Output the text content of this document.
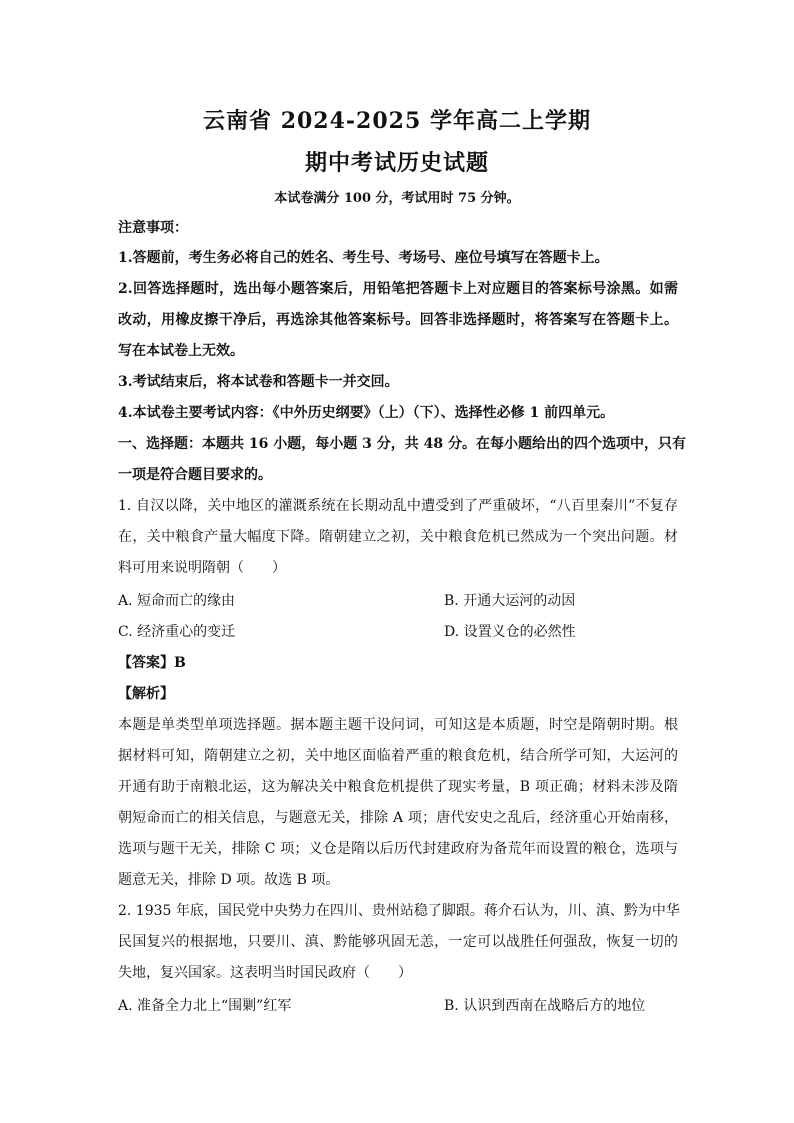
云南省 2024-2025 学年高二上学期
期中考试历史试题
本试卷满分 100 分，考试用时 75 分钟。
注意事项：
1.答题前，考生务必将自己的姓名、考生号、考场号、座位号填写在答题卡上。
2.回答选择题时，选出每小题答案后，用铅笔把答题卡上对应题目的答案标号涂黑。如需
改动，用橡皮擦干净后，再选涂其他答案标号。回答非选择题时，将答案写在答题卡上。
写在本试卷上无效。
3.考试结束后，将本试卷和答题卡一并交回。
4.本试卷主要考试内容：《中外历史纲要》（上）（下）、选择性必修 1 前四单元。
一、选择题：本题共 16 小题，每小题 3 分，共 48 分。在每小题给出的四个选项中，只有
一项是符合题目要求的。
1. 自汉以降，关中地区的灌溉系统在长期动乱中遭受到了严重破坏，“八百里秦川”不复存
在，关中粮食产量大幅度下降。隋朝建立之初，关中粮食危机已然成为一个突出问题。材
料可用来说明隋朝（　　）
A. 短命而亡的缘由	B. 开通大运河的动因
C. 经济重心的变迁	D. 设置义仓的必然性
【答案】B
【解析】
本题是单类型单项选择题。据本题主题干设问词，可知这是本质题，时空是隋朝时期。根
据材料可知，隋朝建立之初，关中地区面临着严重的粮食危机，结合所学可知，大运河的
开通有助于南粮北运，这为解决关中粮食危机提供了现实考量，B 项正确；材料未涉及隋
朝短命而亡的相关信息，与题意无关，排除 A 项；唐代安史之乱后，经济重心开始南移，
选项与题干无关，排除 C 项；义仓是隋以后历代封建政府为备荒年而设置的粮仓，选项与
题意无关，排除 D 项。故选 B 项。
2. 1935 年底，国民党中央势力在四川、贵州站稳了脚跟。蒋介石认为，川、滇、黔为中华
民国复兴的根据地，只要川、滇、黔能够巩固无恙，一定可以战胜任何强敌，恢复一切的
失地，复兴国家。这表明当时国民政府（　　）
A. 准备全力北上“围剿”红军	B. 认识到西南在战略后方的地位
